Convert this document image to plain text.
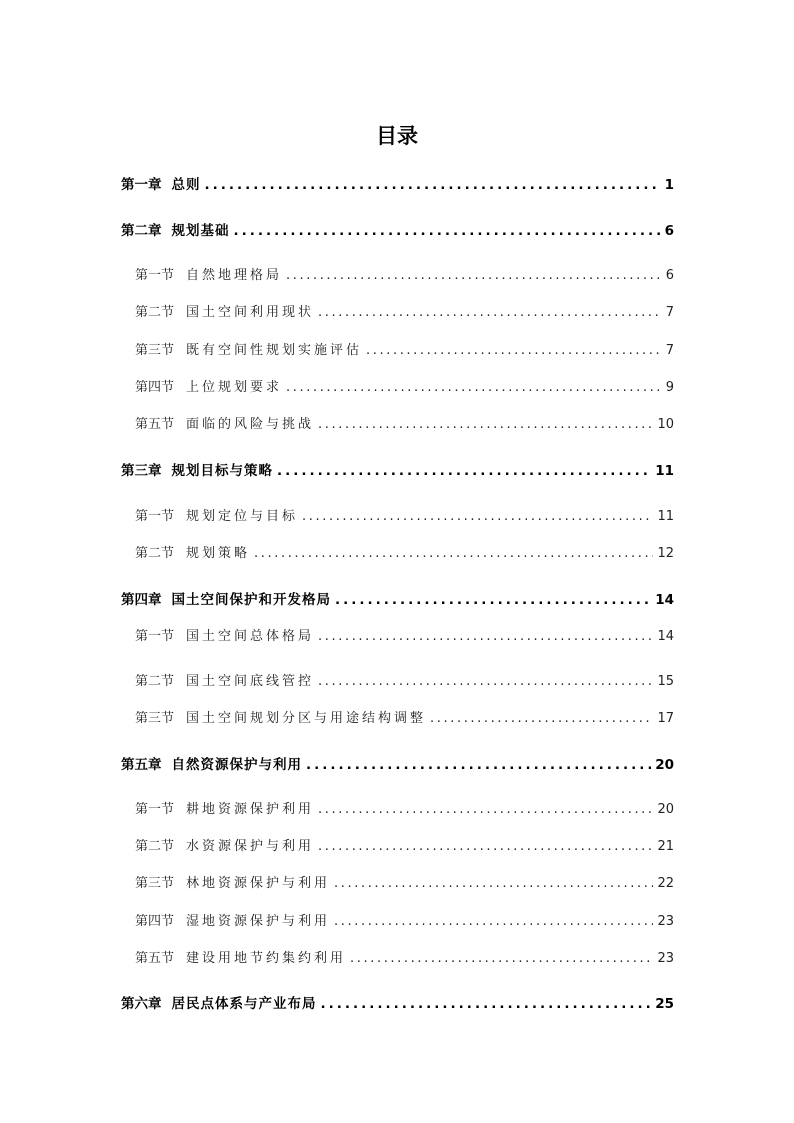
目录
第一章 总则 .....	1
第二章 规划基础 .....	6
第一节 自然地理格局 .....	6
第二节 国土空间利用现状 .....	7
第三节 既有空间性规划实施评估 .....	7
第四节 上位规划要求 .....	9
第五节 面临的风险与挑战 .....	10
第三章 规划目标与策略 .....	11
第一节 规划定位与目标 .....	11
第二节 规划策略 .....	12
第四章 国土空间保护和开发格局 .....	14
第一节 国土空间总体格局 .....	14
第二节 国土空间底线管控 .....	15
第三节 国土空间规划分区与用途结构调整 .....	17
第五章 自然资源保护与利用 .....	20
第一节 耕地资源保护利用 .....	20
第二节 水资源保护与利用 .....	21
第三节 林地资源保护与利用 .....	22
第四节 湿地资源保护与利用 .....	23
第五节 建设用地节约集约利用 .....	23
第六章 居民点体系与产业布局 .....	25
